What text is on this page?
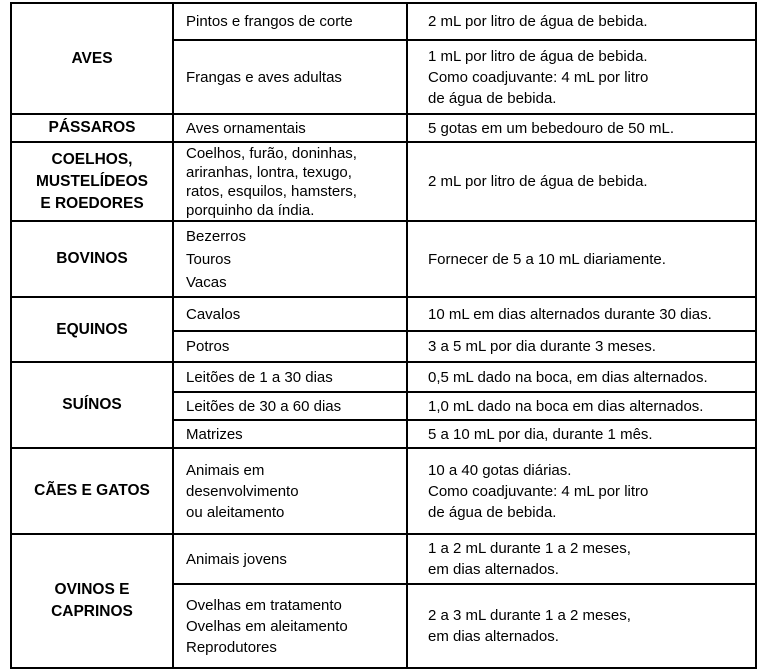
AVES	Pintos e frangos de corte	2 mL por litro de água de bebida.

	Frangas e aves adultas	1 mL por litro de água de bebida.
Como coadjuvante: 4 mL por litro
de água de bebida.

PÁSSAROS	Aves ornamentais	5 gotas em um bebedouro de 50 mL.

COELHOS,
MUSTELÍDEOS
E ROEDORES	Coelhos, furão, doninhas,
ariranhas, lontra, texugo,
ratos, esquilos, hamsters,
porquinho da índia.	2 mL por litro de água de bebida.

BOVINOS	Bezerros
Touros
Vacas	Fornecer de 5 a 10 mL diariamente.

EQUINOS	Cavalos	10 mL em dias alternados durante 30 dias.

	Potros	3 a 5 mL por dia durante 3 meses.

SUÍNOS	Leitões de 1 a 30 dias	0,5 mL dado na boca, em dias alternados.

	Leitões de 30 a 60 dias	1,0 mL dado na boca em dias alternados.

	Matrizes	5 a 10 mL por dia, durante 1 mês.

CÃES E GATOS	Animais em
desenvolvimento
ou aleitamento	10 a 40 gotas diárias.
Como coadjuvante: 4 mL por litro
de água de bebida.

OVINOS E
CAPRINOS	Animais jovens	1 a 2 mL durante 1 a 2 meses,
em dias alternados.

	Ovelhas em tratamento
Ovelhas em aleitamento
Reprodutores	2 a 3 mL durante 1 a 2 meses,
em dias alternados.
